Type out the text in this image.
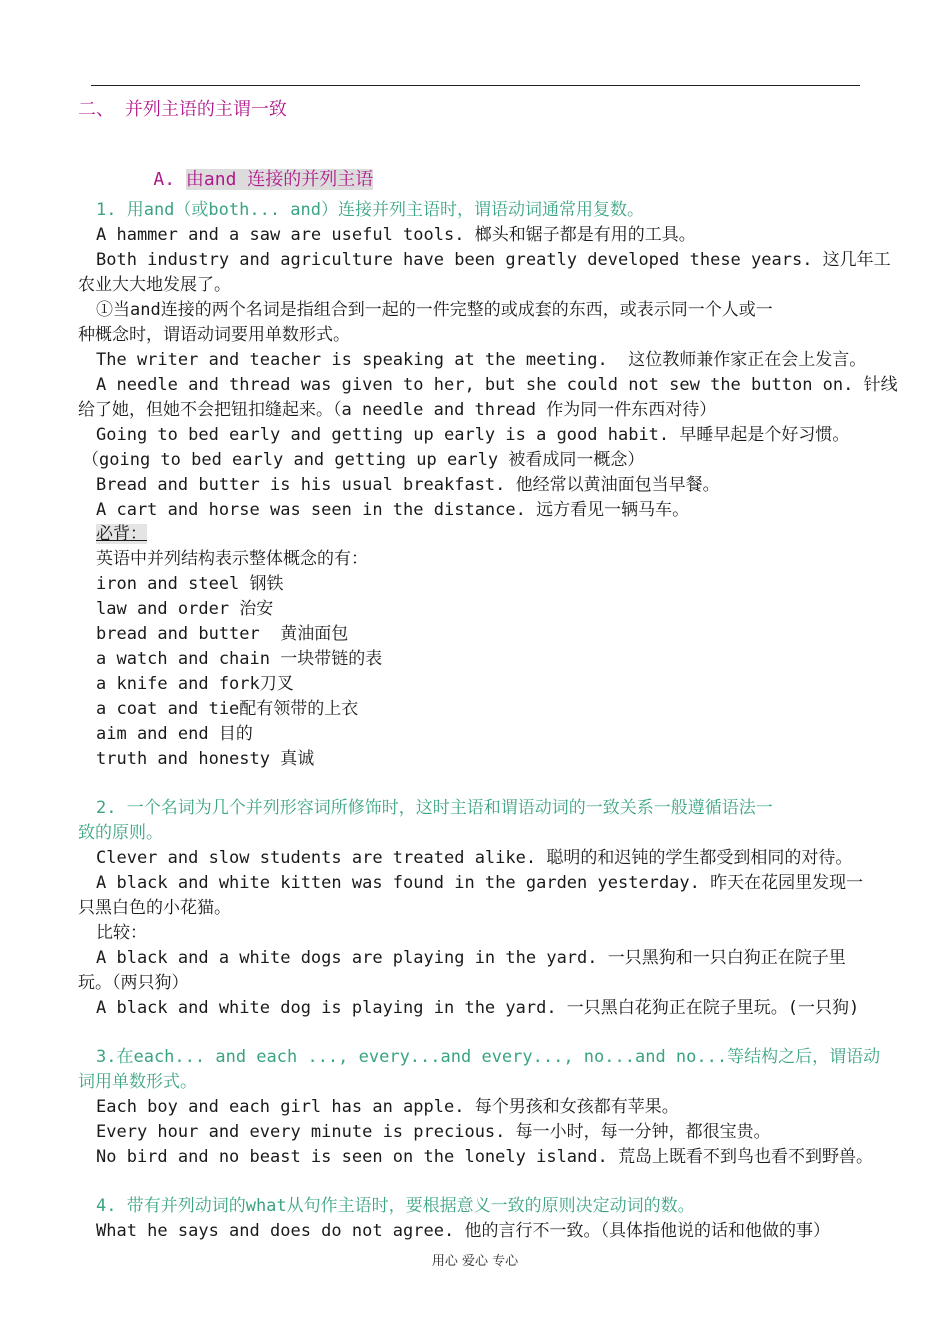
二、 并列主语的主谓一致

A. 由and 连接的并列主语

1. 用and（或both... and）连接并列主语时，谓语动词通常用复数。
A hammer and a saw are useful tools. 榔头和锯子都是有用的工具。
Both industry and agriculture have been greatly developed these years. 这几年工
农业大大地发展了。
①当and连接的两个名词是指组合到一起的一件完整的或成套的东西，或表示同一个人或一
种概念时，谓语动词要用单数形式。
The writer and teacher is speaking at the meeting.  这位教师兼作家正在会上发言。
A needle and thread was given to her, but she could not sew the button on. 针线
给了她，但她不会把钮扣缝起来。（a needle and thread 作为同一件东西对待）
Going to bed early and getting up early is a good habit. 早睡早起是个好习惯。
（going to bed early and getting up early 被看成同一概念）
Bread and butter is his usual breakfast. 他经常以黄油面包当早餐。
A cart and horse was seen in the distance. 远方看见一辆马车。
必背：
英语中并列结构表示整体概念的有：
iron and steel 钢铁
law and order 治安
bread and butter  黄油面包
a watch and chain 一块带链的表
a knife and fork刀叉
a coat and tie配有领带的上衣
aim and end 目的
truth and honesty 真诚
2. 一个名词为几个并列形容词所修饰时，这时主语和谓语动词的一致关系一般遵循语法一
致的原则。
Clever and slow students are treated alike. 聪明的和迟钝的学生都受到相同的对待。
A black and white kitten was found in the garden yesterday. 昨天在花园里发现一
只黑白色的小花猫。
比较：
A black and a white dogs are playing in the yard. 一只黑狗和一只白狗正在院子里
玩。（两只狗）
A black and white dog is playing in the yard. 一只黑白花狗正在院子里玩。(一只狗)
3.在each... and each ..., every...and every..., no...and no...等结构之后，谓语动
词用单数形式。
Each boy and each girl has an apple. 每个男孩和女孩都有苹果。
Every hour and every minute is precious. 每一小时，每一分钟，都很宝贵。
No bird and no beast is seen on the lonely island. 荒岛上既看不到鸟也看不到野兽。
4. 带有并列动词的what从句作主语时，要根据意义一致的原则决定动词的数。
What he says and does do not agree. 他的言行不一致。（具体指他说的话和他做的事）
用心 爱心 专心
